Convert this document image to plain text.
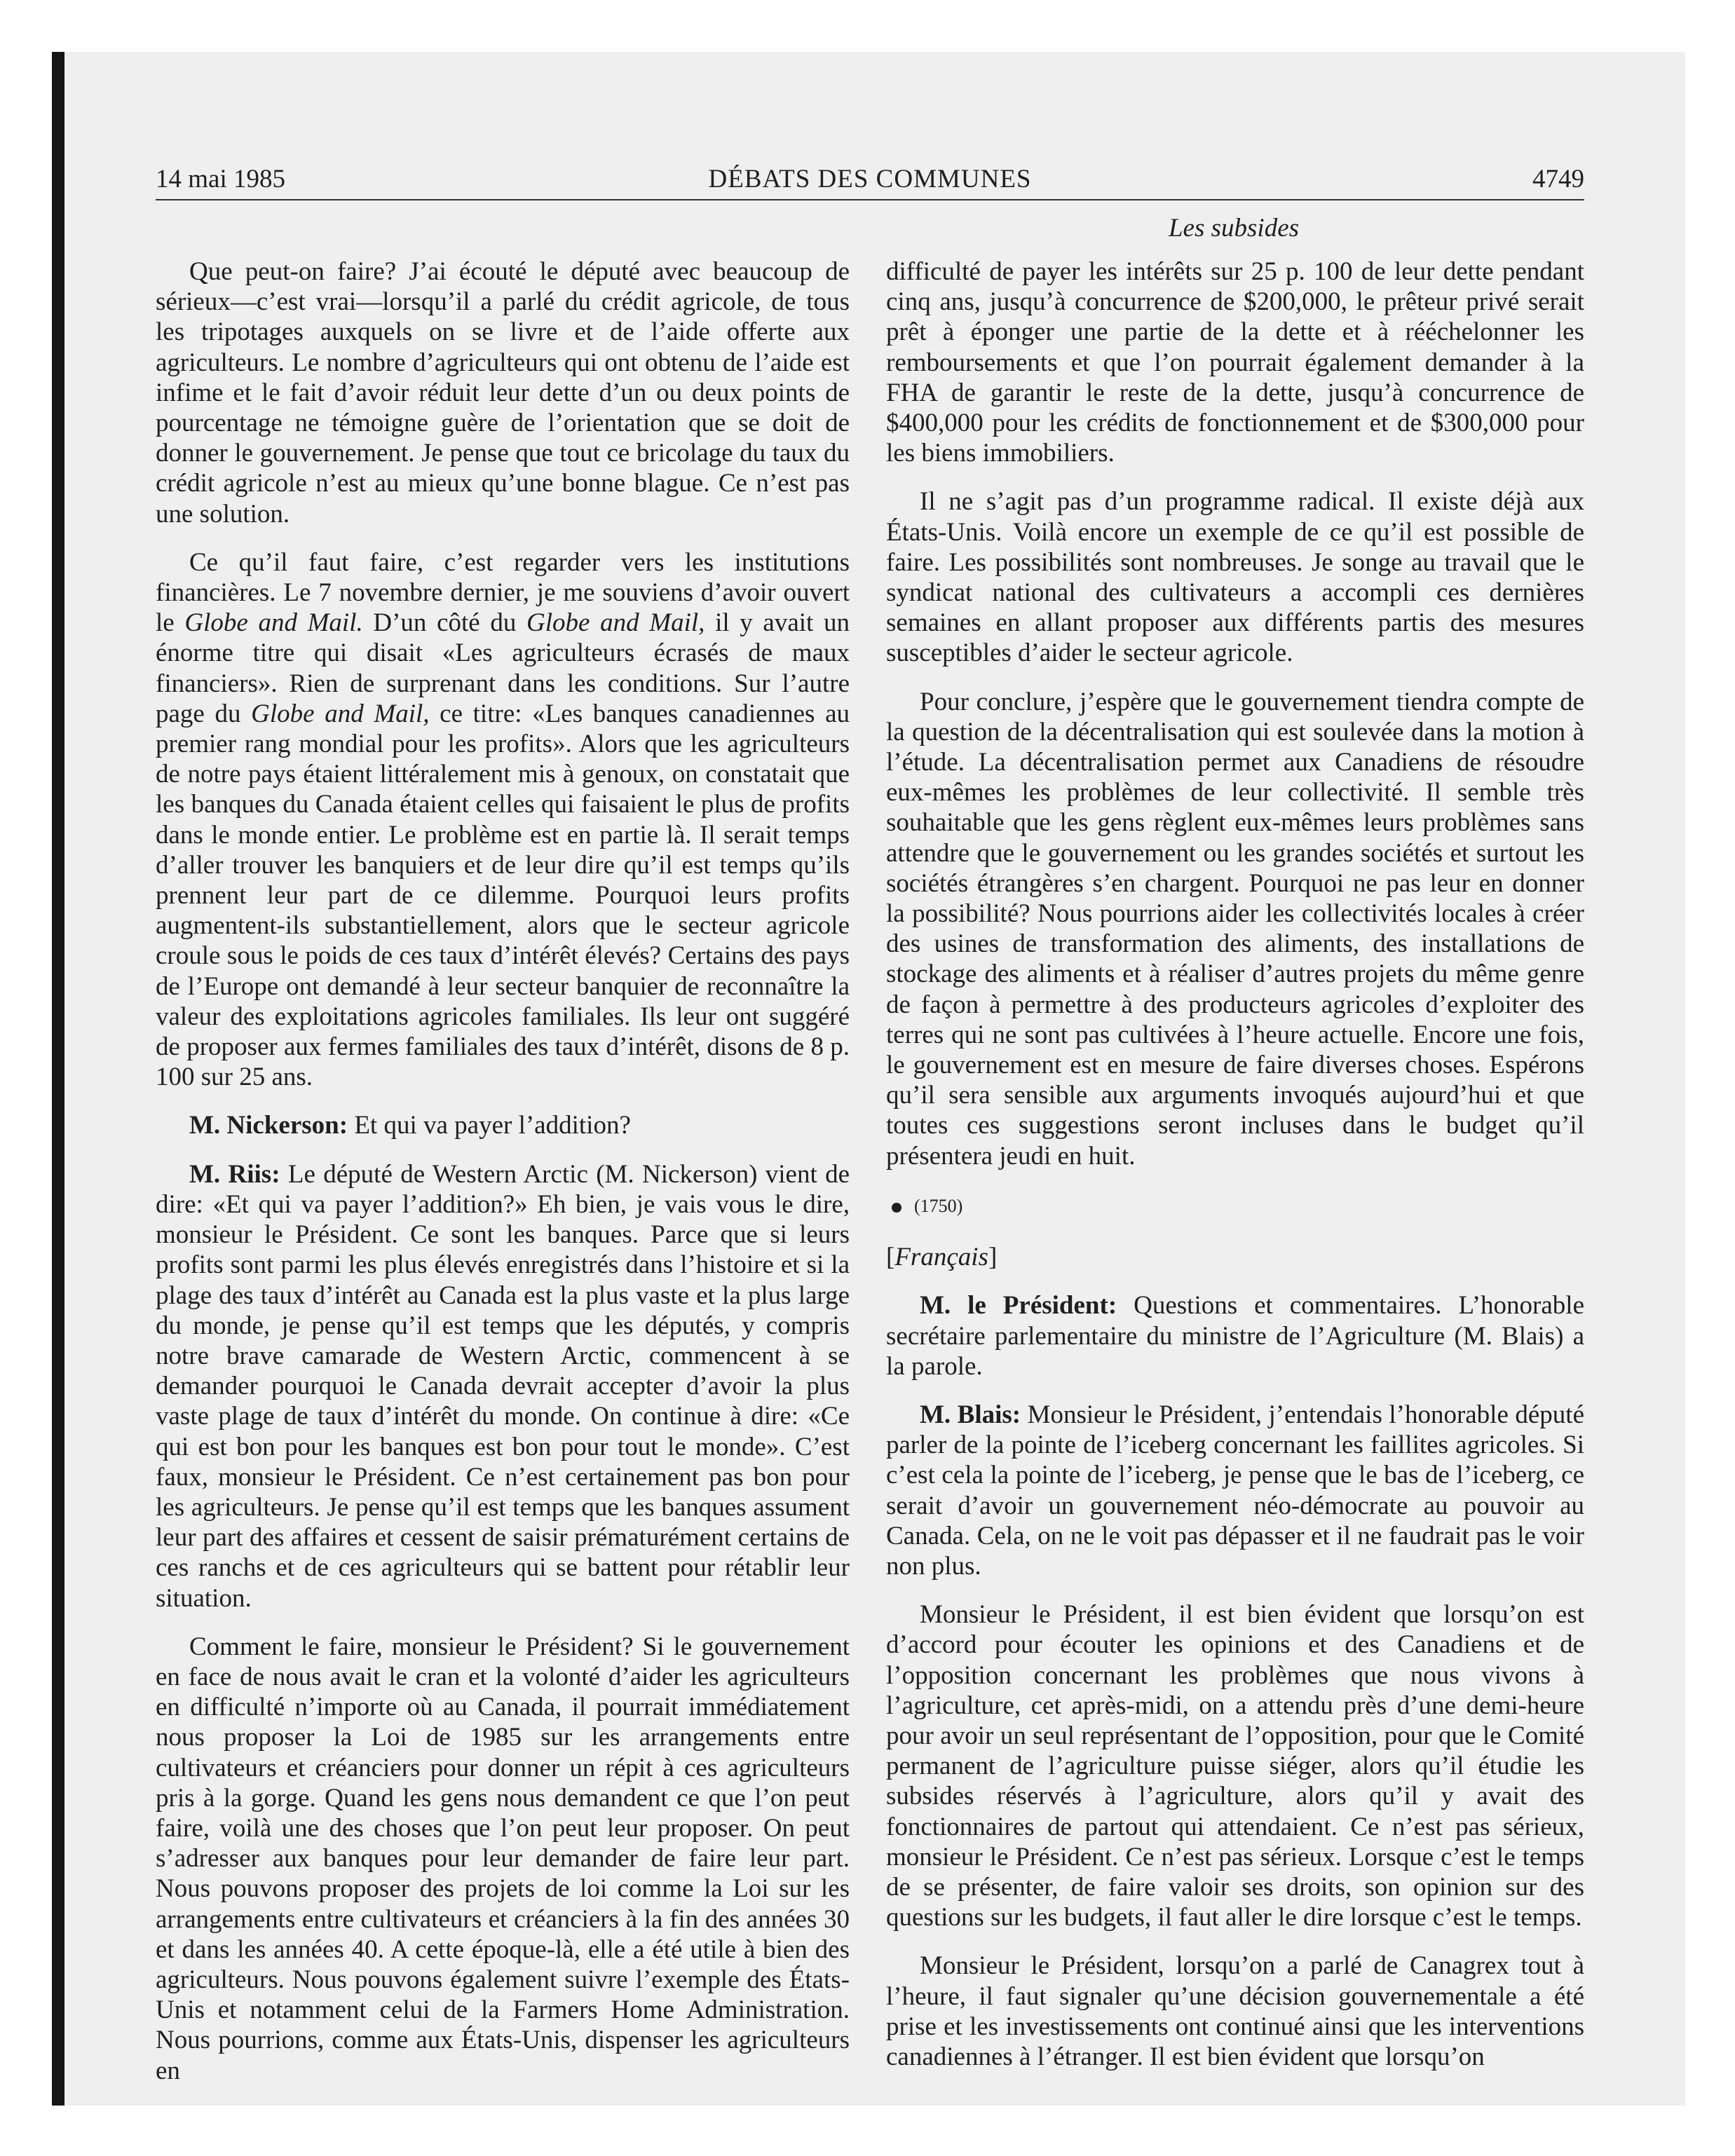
14 mai 1985	DÉBATS DES COMMUNES	4749
Les subsides

Que peut-on faire? J’ai écouté le député avec beaucoup de sérieux—c’est vrai—lorsqu’il a parlé du crédit agricole, de tous les tripotages auxquels on se livre et de l’aide offerte aux agriculteurs. Le nombre d’agriculteurs qui ont obtenu de l’aide est infime et le fait d’avoir réduit leur dette d’un ou deux points de pourcentage ne témoigne guère de l’orientation que se doit de donner le gouvernement. Je pense que tout ce bricolage du taux du crédit agricole n’est au mieux qu’une bonne blague. Ce n’est pas une solution.

Ce qu’il faut faire, c’est regarder vers les institutions financières. Le 7 novembre dernier, je me souviens d’avoir ouvert le Globe and Mail. D’un côté du Globe and Mail, il y avait un énorme titre qui disait «Les agriculteurs écrasés de maux financiers». Rien de surprenant dans les conditions. Sur l’autre page du Globe and Mail, ce titre: «Les banques canadiennes au premier rang mondial pour les profits». Alors que les agriculteurs de notre pays étaient littéralement mis à genoux, on constatait que les banques du Canada étaient celles qui faisaient le plus de profits dans le monde entier. Le problème est en partie là. Il serait temps d’aller trouver les banquiers et de leur dire qu’il est temps qu’ils prennent leur part de ce dilemme. Pourquoi leurs profits augmentent-ils substantiellement, alors que le secteur agricole croule sous le poids de ces taux d’intérêt élevés? Certains des pays de l’Europe ont demandé à leur secteur banquier de reconnaître la valeur des exploitations agricoles familiales. Ils leur ont suggéré de proposer aux fermes familiales des taux d’intérêt, disons de 8 p. 100 sur 25 ans.

M. Nickerson: Et qui va payer l’addition?

M. Riis: Le député de Western Arctic (M. Nickerson) vient de dire: «Et qui va payer l’addition?» Eh bien, je vais vous le dire, monsieur le Président. Ce sont les banques. Parce que si leurs profits sont parmi les plus élevés enregistrés dans l’histoire et si la plage des taux d’intérêt au Canada est la plus vaste et la plus large du monde, je pense qu’il est temps que les députés, y compris notre brave camarade de Western Arctic, commencent à se demander pourquoi le Canada devrait accepter d’avoir la plus vaste plage de taux d’intérêt du monde. On continue à dire: «Ce qui est bon pour les banques est bon pour tout le monde». C’est faux, monsieur le Président. Ce n’est certainement pas bon pour les agriculteurs. Je pense qu’il est temps que les banques assument leur part des affaires et cessent de saisir prématurément certains de ces ranchs et de ces agriculteurs qui se battent pour rétablir leur situation.

Comment le faire, monsieur le Président? Si le gouvernement en face de nous avait le cran et la volonté d’aider les agriculteurs en difficulté n’importe où au Canada, il pourrait immédiatement nous proposer la Loi de 1985 sur les arrangements entre cultivateurs et créanciers pour donner un répit à ces agriculteurs pris à la gorge. Quand les gens nous demandent ce que l’on peut faire, voilà une des choses que l’on peut leur proposer. On peut s’adresser aux banques pour leur demander de faire leur part. Nous pouvons proposer des projets de loi comme la Loi sur les arrangements entre cultivateurs et créanciers à la fin des années 30 et dans les années 40. A cette époque-là, elle a été utile à bien des agriculteurs. Nous pouvons également suivre l’exemple des États-Unis et notamment celui de la Farmers Home Administration. Nous pourrions, comme aux États-Unis, dispenser les agriculteurs en

difficulté de payer les intérêts sur 25 p. 100 de leur dette pendant cinq ans, jusqu’à concurrence de $200,000, le prêteur privé serait prêt à éponger une partie de la dette et à rééchelonner les remboursements et que l’on pourrait également demander à la FHA de garantir le reste de la dette, jusqu’à concurrence de $400,000 pour les crédits de fonctionnement et de $300,000 pour les biens immobiliers.

Il ne s’agit pas d’un programme radical. Il existe déjà aux États-Unis. Voilà encore un exemple de ce qu’il est possible de faire. Les possibilités sont nombreuses. Je songe au travail que le syndicat national des cultivateurs a accompli ces dernières semaines en allant proposer aux différents partis des mesures susceptibles d’aider le secteur agricole.

Pour conclure, j’espère que le gouvernement tiendra compte de la question de la décentralisation qui est soulevée dans la motion à l’étude. La décentralisation permet aux Canadiens de résoudre eux-mêmes les problèmes de leur collectivité. Il semble très souhaitable que les gens règlent eux-mêmes leurs problèmes sans attendre que le gouvernement ou les grandes sociétés et surtout les sociétés étrangères s’en chargent. Pourquoi ne pas leur en donner la possibilité? Nous pourrions aider les collectivités locales à créer des usines de transformation des aliments, des installations de stockage des aliments et à réaliser d’autres projets du même genre de façon à permettre à des producteurs agricoles d’exploiter des terres qui ne sont pas cultivées à l’heure actuelle. Encore une fois, le gouvernement est en mesure de faire diverses choses. Espérons qu’il sera sensible aux arguments invoqués aujourd’hui et que toutes ces suggestions seront incluses dans le budget qu’il présentera jeudi en huit.

(1750)
[Français]

M. le Président: Questions et commentaires. L’honorable secrétaire parlementaire du ministre de l’Agriculture (M. Blais) a la parole.

M. Blais: Monsieur le Président, j’entendais l’honorable député parler de la pointe de l’iceberg concernant les faillites agricoles. Si c’est cela la pointe de l’iceberg, je pense que le bas de l’iceberg, ce serait d’avoir un gouvernement néo-démocrate au pouvoir au Canada. Cela, on ne le voit pas dépasser et il ne faudrait pas le voir non plus.

Monsieur le Président, il est bien évident que lorsqu’on est d’accord pour écouter les opinions et des Canadiens et de l’opposition concernant les problèmes que nous vivons à l’agriculture, cet après-midi, on a attendu près d’une demi-heure pour avoir un seul représentant de l’opposition, pour que le Comité permanent de l’agriculture puisse siéger, alors qu’il étudie les subsides réservés à l’agriculture, alors qu’il y avait des fonctionnaires de partout qui attendaient. Ce n’est pas sérieux, monsieur le Président. Ce n’est pas sérieux. Lorsque c’est le temps de se présenter, de faire valoir ses droits, son opinion sur des questions sur les budgets, il faut aller le dire lorsque c’est le temps.

Monsieur le Président, lorsqu’on a parlé de Canagrex tout à l’heure, il faut signaler qu’une décision gouvernementale a été prise et les investissements ont continué ainsi que les interventions canadiennes à l’étranger. Il est bien évident que lorsqu’on
